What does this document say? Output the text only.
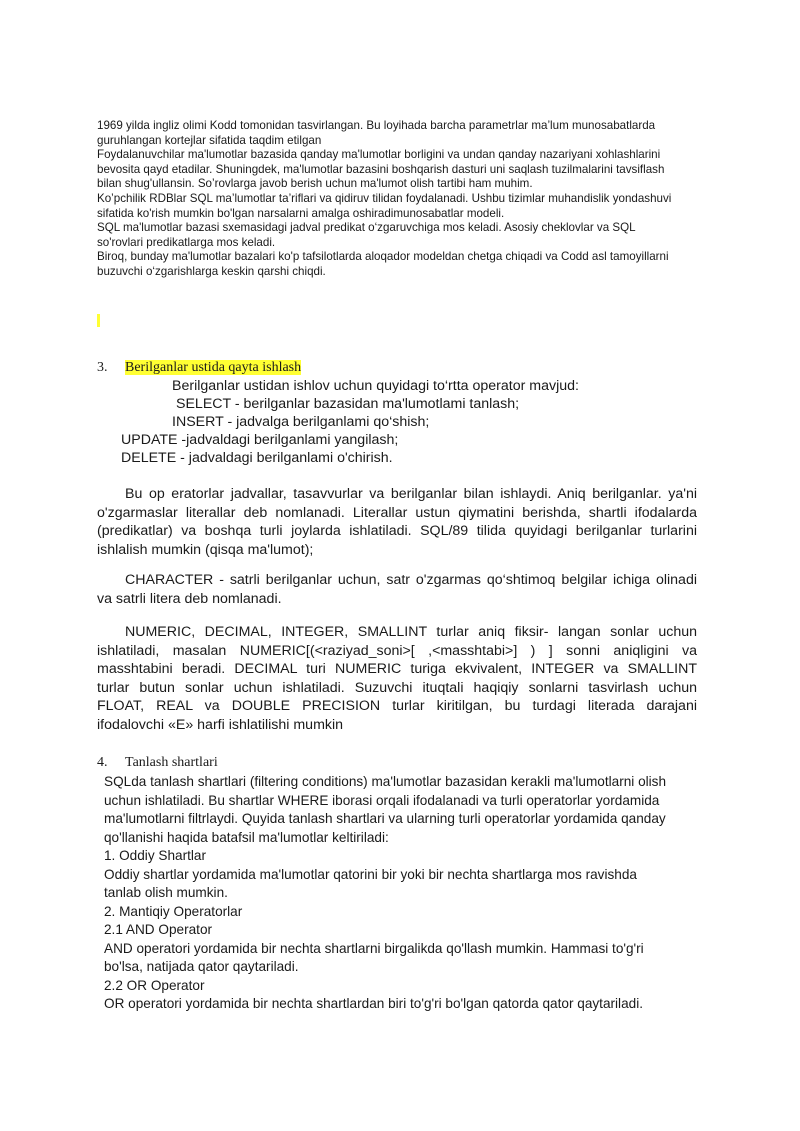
1969 yilda ingliz olimi Kodd tomonidan tasvirlangan. Bu loyihada barcha parametrlar ma’lum munosabatlarda
guruhlangan kortejlar sifatida taqdim etilgan
Foydalanuvchilar ma'lumotlar bazasida qanday ma'lumotlar borligini va undan qanday nazariyani xohlashlarini
bevosita qayd etadilar. Shuningdek, ma'lumotlar bazasini boshqarish dasturi uni saqlash tuzilmalarini tavsiflash
bilan shug'ullansin. So’rovlarga javob berish uchun ma'lumot olish tartibi ham muhim.
Ko’pchilik RDBlar SQL ma’lumotlar ta’riflari va qidiruv tilidan foydalanadi. Ushbu tizimlar muhandislik yondashuvi
sifatida ko'rish mumkin bo'lgan narsalarni amalga oshiradimunosabatlar modeli.
SQL ma'lumotlar bazasi sxemasidagi jadval predikat o‘zgaruvchiga mos keladi. Asosiy cheklovlar va SQL
so'rovlari predikatlarga mos keladi.
Biroq, bunday ma'lumotlar bazalari ko'p tafsilotlarda aloqador modeldan chetga chiqadi va Codd asl tamoyillarni
buzuvchi o‘zgarishlarga keskin qarshi chiqdi.
3. Berilganlar ustida qayta ishlash
Berilganlar ustidan ishlov uchun quyidagi to‘rtta operator mavjud:
SELECT - berilganlar bazasidan ma'lumotlami tanlash;
INSERT - jadvalga berilganlami qo‘shish;
UPDATE -jadvaldagi berilganlami yangilash;
DELETE - jadvaldagi berilganlami o'chirish.
Bu op eratorlar jadvallar, tasavvurlar va berilganlar bilan ishlaydi. Aniq berilganlar. ya'ni
o'zgarmaslar literallar deb nomlanadi. Literallar ustun qiymatini berishda, shartli ifodalarda
(predikatlar) va boshqa turli joylarda ishlatiladi. SQL/89 tilida quyidagi berilganlar turlarini
ishlalish mumkin (qisqa ma'lumot);
CHARACTER - satrli berilganlar uchun, satr o'zgarmas qo‘shtimoq belgilar ichiga olinadi
va satrli litera deb nomlanadi.
NUMERIC, DECIMAL, INTEGER, SMALLINT turlar aniq fiksir- langan sonlar uchun
ishlatiladi, masalan NUMERIC[(<raziyad_soni>[ ,<masshtabi>] ) ] sonni aniqligini va
masshtabini beradi. DECIMAL turi NUMERIC turiga ekvivalent, INTEGER va SMALLINT
turlar butun sonlar uchun ishlatiladi. Suzuvchi ituqtali haqiqiy sonlarni tasvirlash uchun
FLOAT, REAL va DOUBLE PRECISION turlar kiritilgan, bu turdagi literada darajani
ifodalovchi «E» harfi ishlatilishi mumkin
4. Tanlash shartlari
SQLda tanlash shartlari (filtering conditions) ma'lumotlar bazasidan kerakli ma'lumotlarni olish
uchun ishlatiladi. Bu shartlar WHERE iborasi orqali ifodalanadi va turli operatorlar yordamida
ma'lumotlarni filtrlaydi. Quyida tanlash shartlari va ularning turli operatorlar yordamida qanday
qo'llanishi haqida batafsil ma'lumotlar keltiriladi:
1. Oddiy Shartlar
Oddiy shartlar yordamida ma'lumotlar qatorini bir yoki bir nechta shartlarga mos ravishda
tanlab olish mumkin.
2. Mantiqiy Operatorlar
2.1 AND Operator
AND operatori yordamida bir nechta shartlarni birgalikda qo'llash mumkin. Hammasi to'g'ri
bo'lsa, natijada qator qaytariladi.
2.2 OR Operator
OR operatori yordamida bir nechta shartlardan biri to'g'ri bo'lgan qatorda qator qaytariladi.
